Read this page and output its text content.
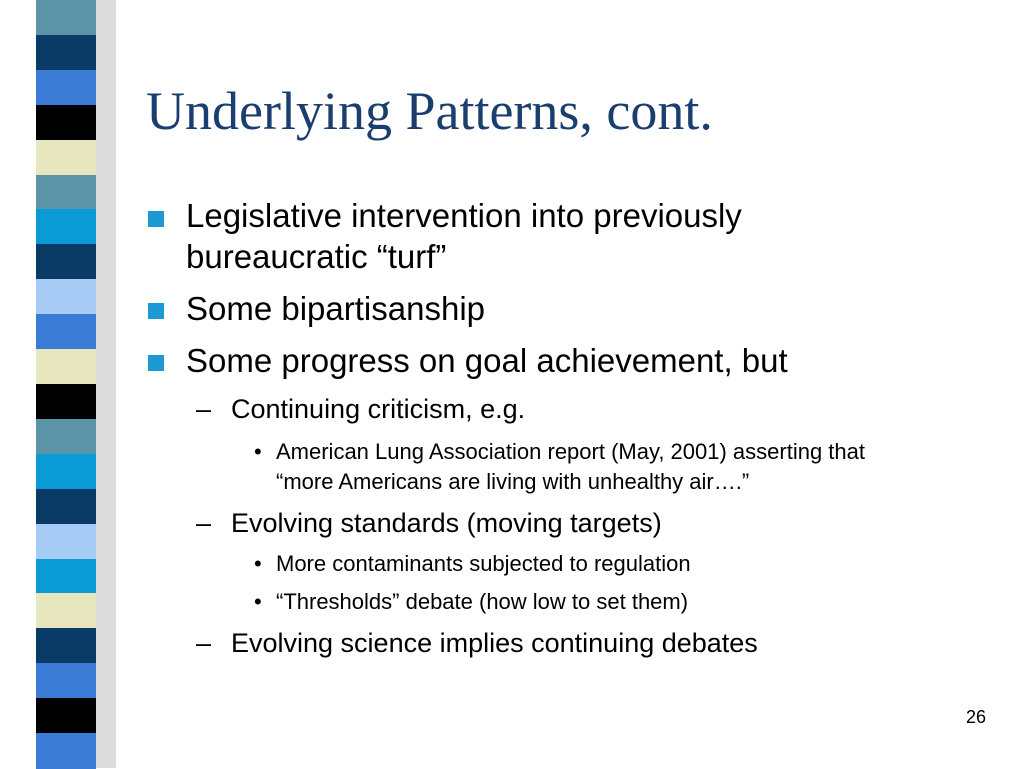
Underlying Patterns, cont.
Legislative intervention into previously
bureaucratic “turf”
Some bipartisanship
Some progress on goal achievement, but
– Continuing criticism, e.g.
• American Lung Association report (May, 2001) asserting that
“more Americans are living with unhealthy air….”
– Evolving standards (moving targets)
• More contaminants subjected to regulation
• “Thresholds” debate (how low to set them)
– Evolving science implies continuing debates
26
